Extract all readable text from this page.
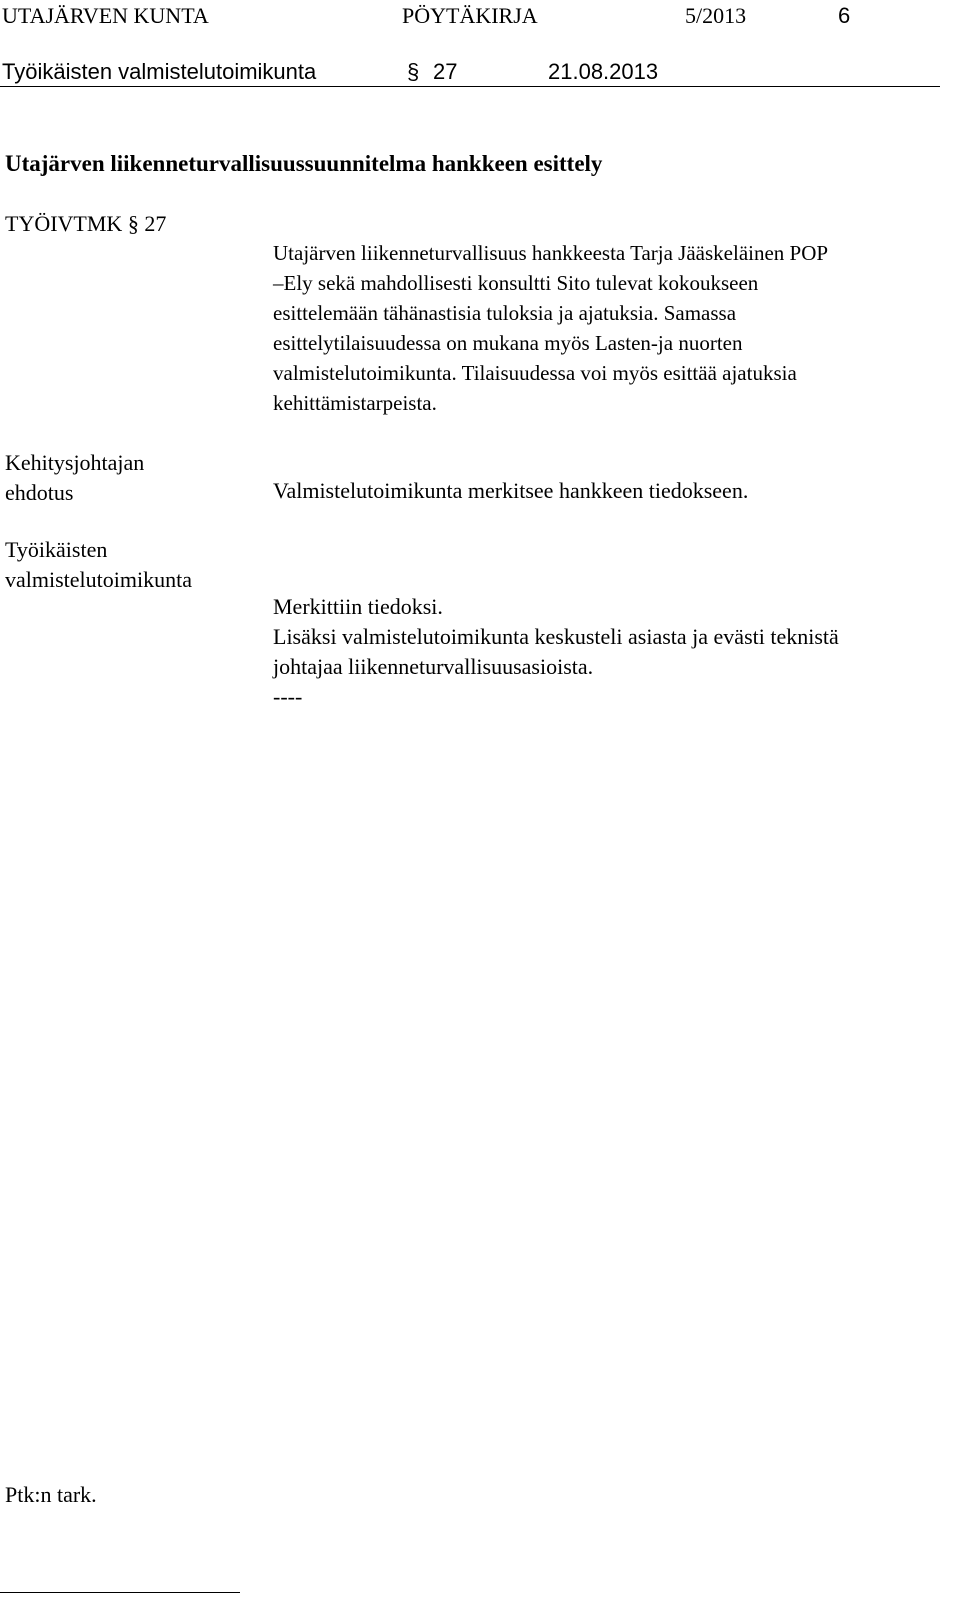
UTAJÄRVEN KUNTA	PÖYTÄKIRJA	5/2013	6
Työikäisten valmistelutoimikunta	§ 27	21.08.2013
Utajärven liikenneturvallisuussuunnitelma hankkeen esittely
TYÖIVTMK § 27

Utajärven liikenneturvallisuus hankkeesta Tarja Jääskeläinen POP

–Ely sekä mahdollisesti konsultti Sito tulevat kokoukseen

esittelemään tähänastisia tuloksia ja ajatuksia. Samassa

esittelytilaisuudessa on mukana myös Lasten-ja nuorten

valmistelutoimikunta. Tilaisuudessa voi myös esittää ajatuksia

kehittämistarpeista.

Kehitysjohtajan
ehdotus	Valmistelutoimikunta merkitsee hankkeen tiedokseen.
Työikäisten
valmistelutoimikunta

Merkittiin tiedoksi.

Lisäksi valmistelutoimikunta keskusteli asiasta ja evästi teknistä

johtajaa liikenneturvallisuusasioista.

----

Ptk:n tark.
